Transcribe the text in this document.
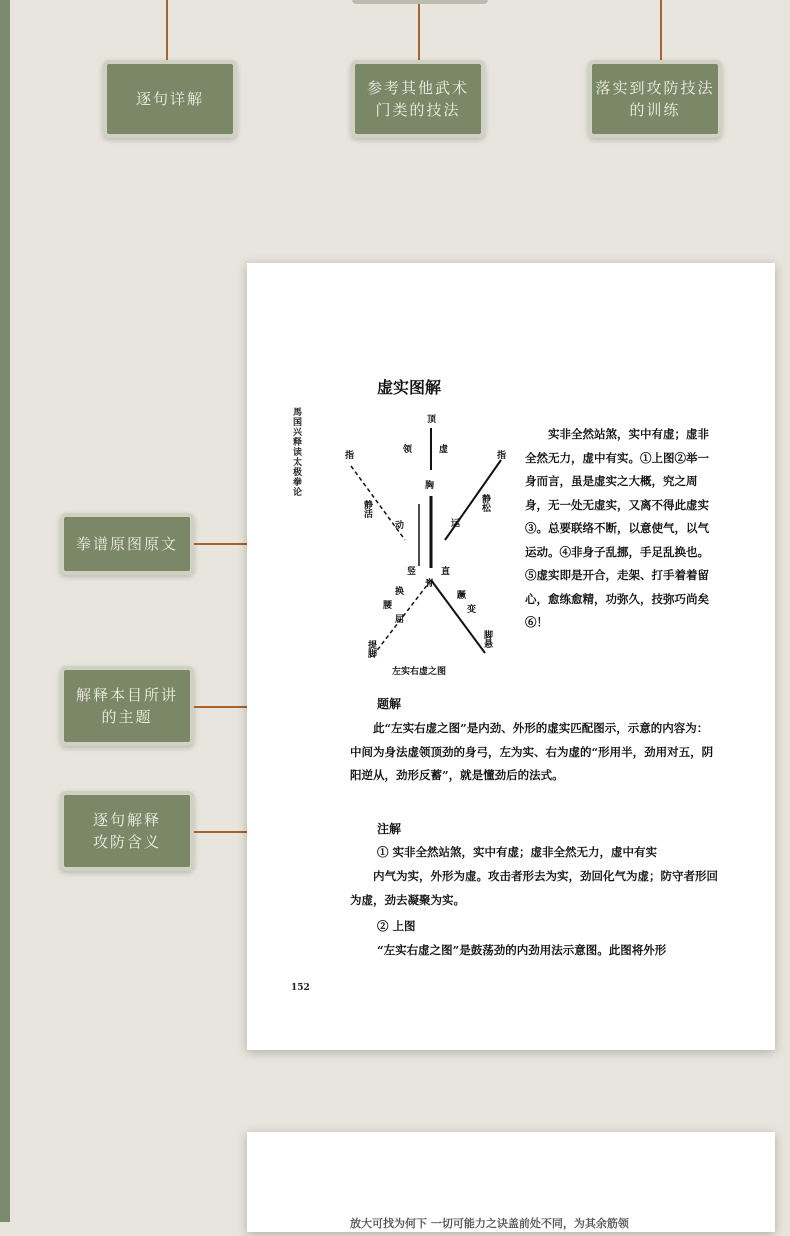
逐句详解
参考其他武术
门类的技法
落实到攻防技法
的训练
拳谱原图原文
解释本目所讲
的主题
逐句解释
攻防含义
虚实图解
馬国兴释读太极拳论
顶
领	虚
胸
指	指
静活	静松
动	运
脊
竖	直
换
腰
屈
蹶
变
提脚
脚悬
左实右虚之图
实非全然站煞，实中有虚；虚非全然无力，虚中有实。①上图②举一身而言，虽是虚实之大概，究之周身，无一处无虚实，又离不得此虚实③。总要联络不断，以意使气，以气运动。④非身子乱挪，手足乱换也。⑤虚实即是开合，走架、打手着着留心，愈练愈精，功弥久，技弥巧尚矣⑥！
题解
此“左实右虚之图”是内劲、外形的虚实匹配图示，示意的内容为：中间为身法虚领顶劲的身弓，左为实、右为虚的“形用半，劲用对五，阴阳逆从，劲形反蓄”，就是懂劲后的法式。
注解
① 实非全然站煞，实中有虚；虚非全然无力，虚中有实
内气为实，外形为虚。攻击者形去为实，劲回化气为虚；防守者形回为虚，劲去凝聚为实。
② 上图
“左实右虚之图”是鼓荡劲的内劲用法示意图。此图将外形
152
放大可找为何下 一切可能力之诀盖前处不同，为其余筋领
